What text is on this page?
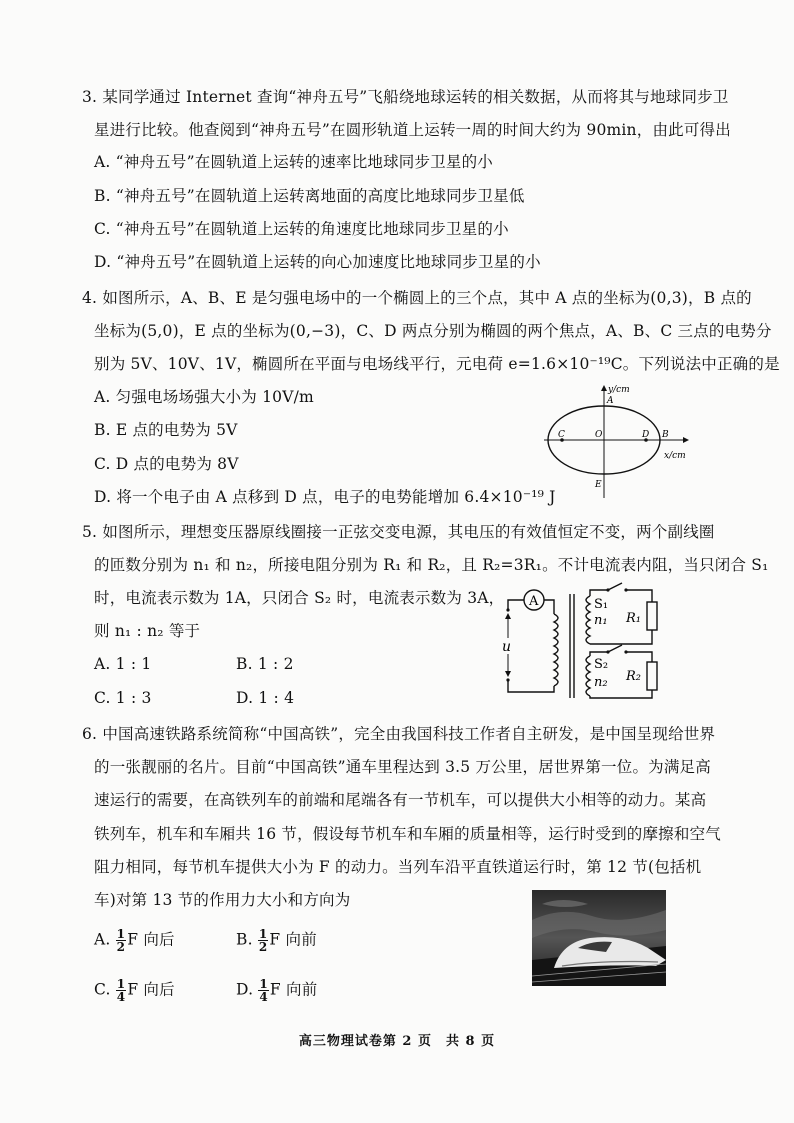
3. 某同学通过 Internet 查询“神舟五号”飞船绕地球运转的相关数据，从而将其与地球同步卫
星进行比较。他查阅到“神舟五号”在圆形轨道上运转一周的时间大约为 90min，由此可得出
A. “神舟五号”在圆轨道上运转的速率比地球同步卫星的小
B. “神舟五号”在圆轨道上运转离地面的高度比地球同步卫星低
C. “神舟五号”在圆轨道上运转的角速度比地球同步卫星的小
D. “神舟五号”在圆轨道上运转的向心加速度比地球同步卫星的小
4. 如图所示，A、B、E 是匀强电场中的一个椭圆上的三个点，其中 A 点的坐标为(0,3)，B 点的
坐标为(5,0)，E 点的坐标为(0,−3)，C、D 两点分别为椭圆的两个焦点，A、B、C 三点的电势分
别为 5V、10V、1V，椭圆所在平面与电场线平行，元电荷 e=1.6×10⁻¹⁹C。下列说法中正确的是
A. 匀强电场场强大小为 10V/m
B. E 点的电势为 5V
C. D 点的电势为 8V
D. 将一个电子由 A 点移到 D 点，电子的电势能增加 6.4×10⁻¹⁹ J
y/cm
x/cm
A
B
C	D
O
E
5. 如图所示，理想变压器原线圈接一正弦交变电源，其电压的有效值恒定不变，两个副线圈
的匝数分别为 n₁ 和 n₂，所接电阻分别为 R₁ 和 R₂，且 R₂=3R₁。不计电流表内阻，当只闭合 S₁
时，电流表示数为 1A，只闭合 S₂ 时，电流表示数为 3A，
则 n₁ : n₂ 等于
A. 1 : 1	B. 1 : 2
C. 1 : 3	D. 1 : 4
A
u
S₁
n₁ R₁
S₂
n₂ R₂
6. 中国高速铁路系统简称“中国高铁”，完全由我国科技工作者自主研发，是中国呈现给世界
的一张靓丽的名片。目前“中国高铁”通车里程达到 3.5 万公里，居世界第一位。为满足高
速运行的需要，在高铁列车的前端和尾端各有一节机车，可以提供大小相等的动力。某高
铁列车，机车和车厢共 16 节，假设每节机车和车厢的质量相等，运行时受到的摩擦和空气
阻力相同，每节机车提供大小为 F 的动力。当列车沿平直铁道运行时，第 12 节(包括机
车)对第 13 节的作用力大小和方向为
A. $\frac{1}{2}$ F 向后	B. $\frac{1}{2}$ F 向前
C. $\frac{1}{4}$ F 向后	D. $\frac{1}{4}$ F 向前
高三物理试卷第 2 页　共 8 页
